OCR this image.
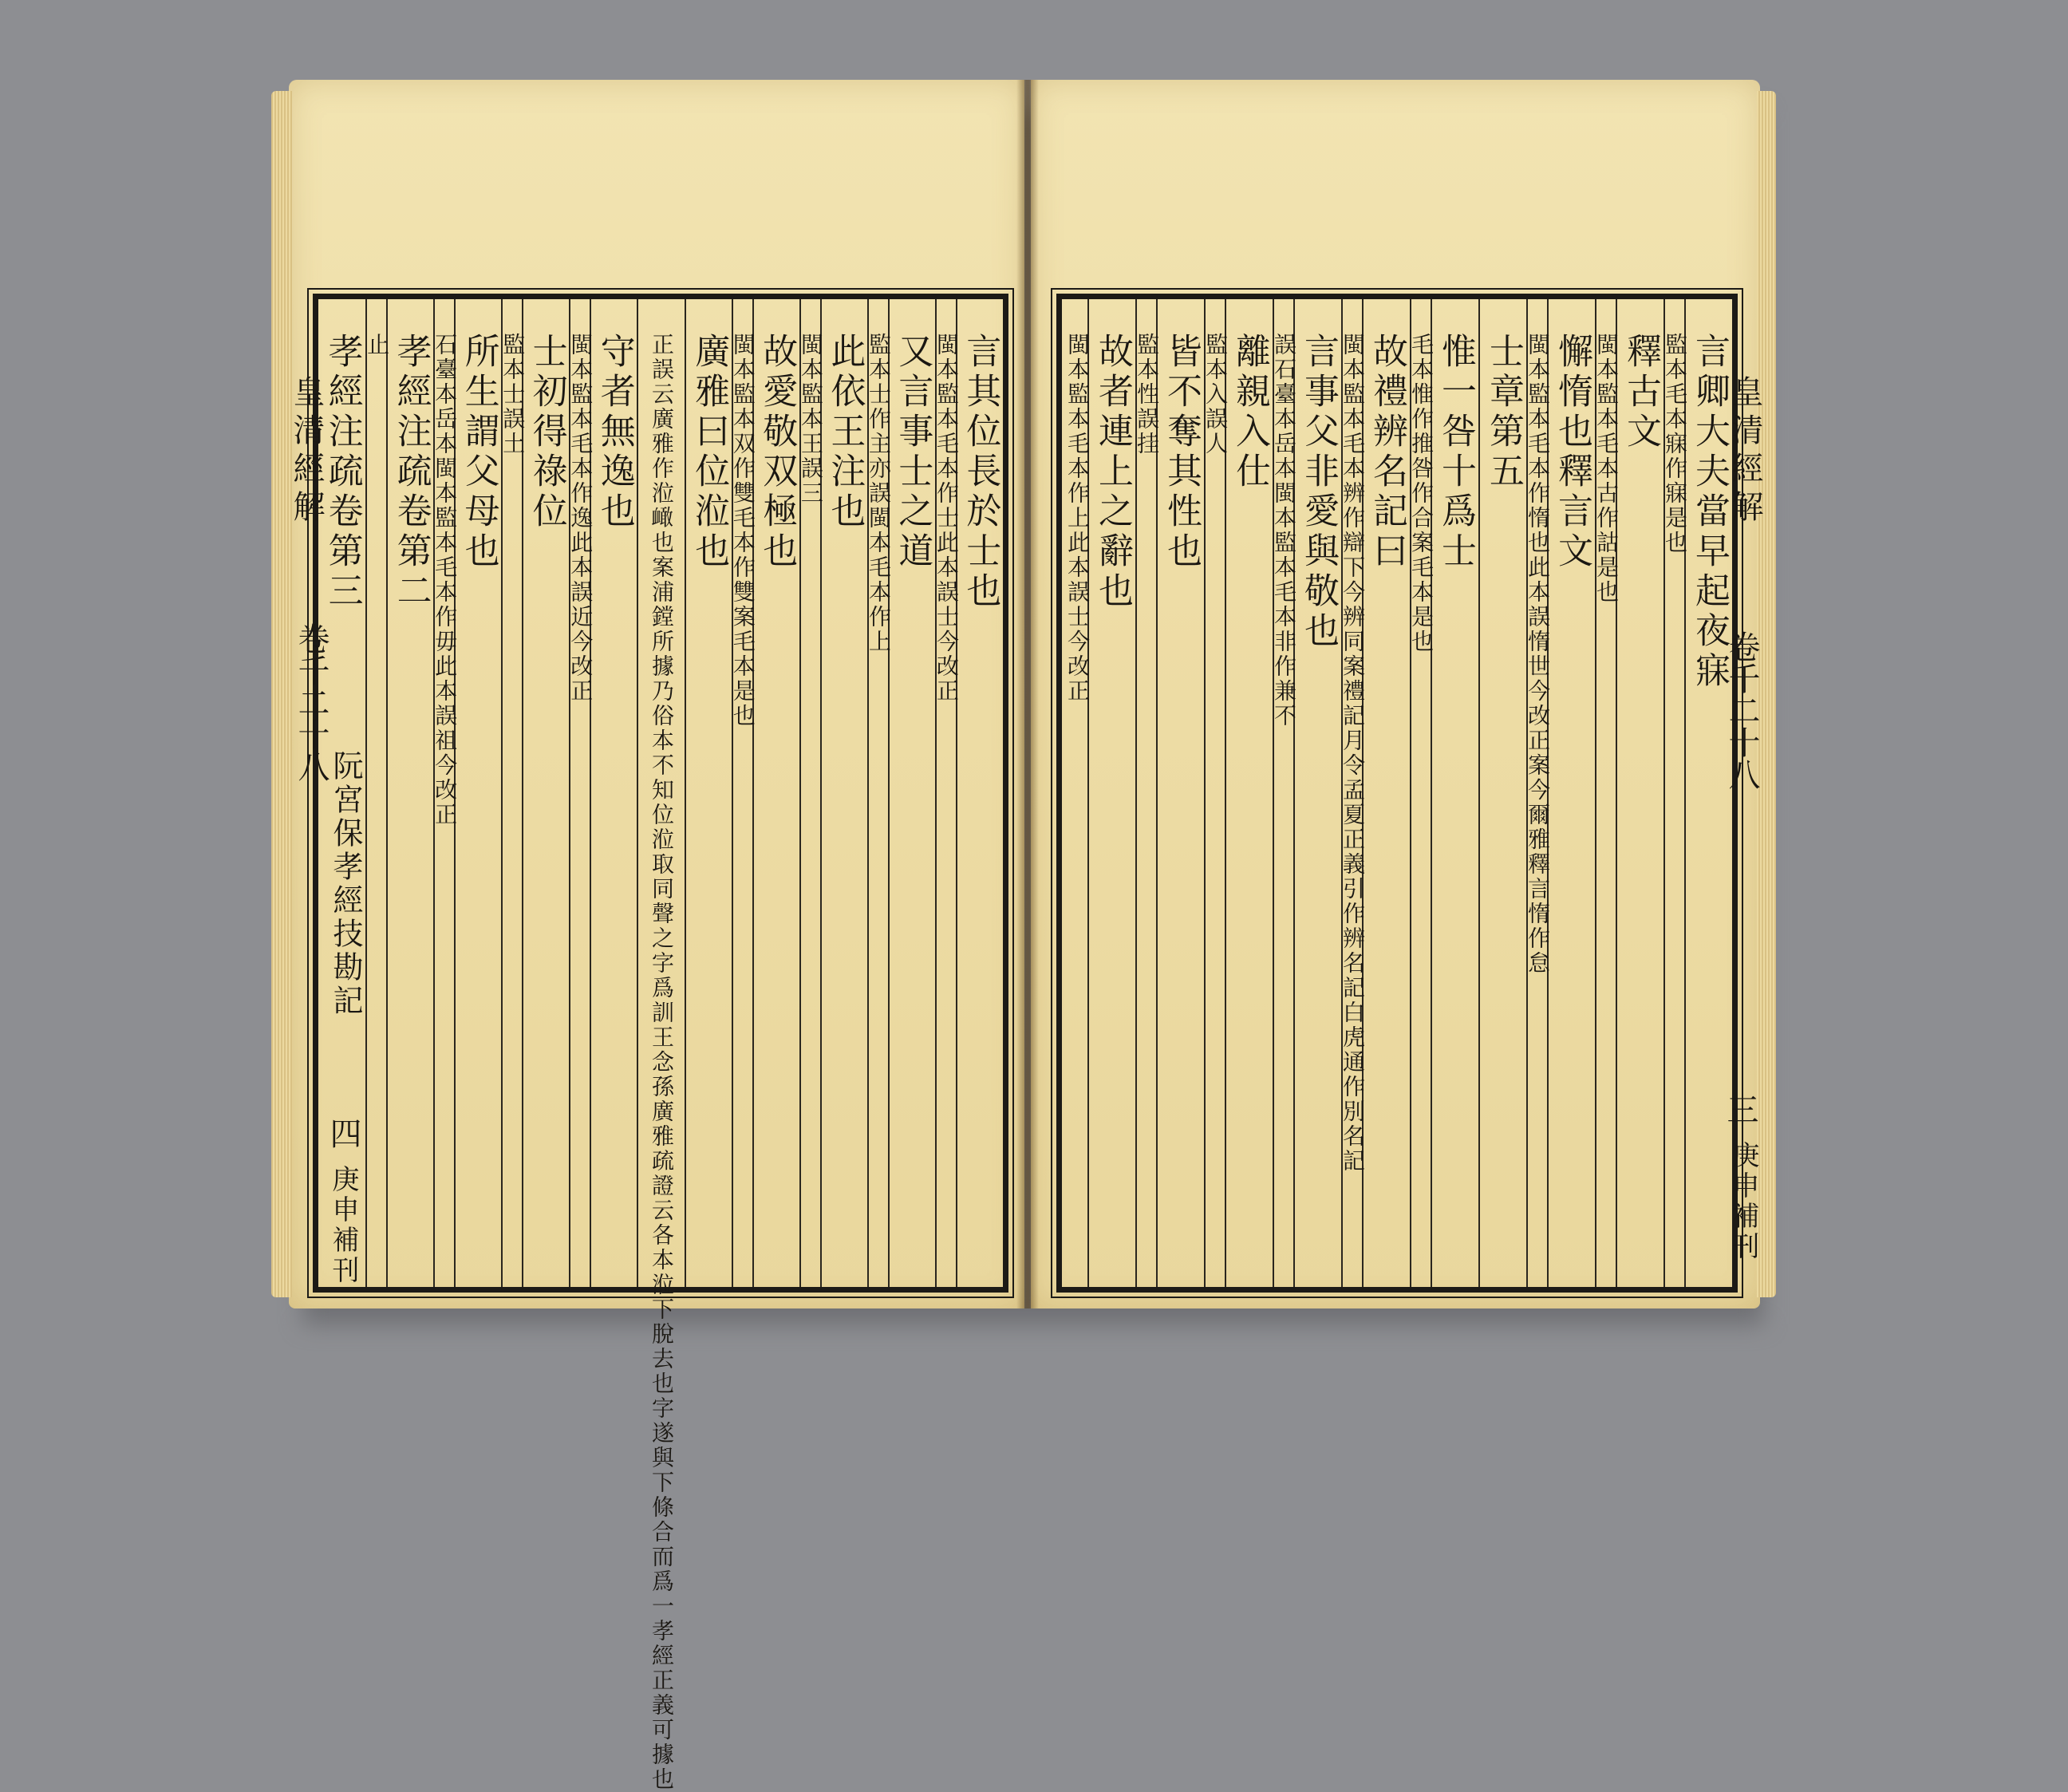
言其位長於士也
閩本監本毛本作士此本誤士今改正
又言事士之道
監本士作主亦誤閩本毛本作上
此依王注也
閩本監本王誤三
故愛敬双極也
閩本監本双作雙毛本作雙案毛本是也
廣雅曰位涖也
正誤云廣雅作涖𧗐也案浦鏜所據乃俗本不知位涖取同聲之字爲訓王念孫廣雅疏證云各本涖下脫去也字遂與下條合而爲一孝經正義可據也
守者無逸也
閩本監本毛本作逸此本誤近今改正
士初得祿位
監本士誤土
所生謂父母也
石臺本岳本閩本監本毛本作毋此本誤祖今改正
孝經注疏卷第二
止
孝經注疏卷第三
皇清經解
卷千二十八
阮宮保孝經技勘記
四
庚申補刊
言卿大夫當早起夜寐
監本毛本寐作寐是也
釋古文
閩本監本毛本古作詁是也
懈惰也釋言文
閩本監本毛本作惰也此本誤惰世今改正案今爾雅釋言惰作怠
士章第五
惟一咎十爲士
毛本惟作推咎作合案毛本是也
故禮辨名記曰
閩本監本毛本辨作辯下今辨同案禮記月令孟夏正義引作辨名記白虎通作別名記
言事父非愛與敬也
誤石臺本岳本閩本監本毛本非作兼不
離親入仕
監本入誤人
皆不奪其性也
監本性誤挂
故者連上之辭也
閩本監本毛本作上此本誤士今改正	皇清經解
卷千二十八
三
庚申補刊
